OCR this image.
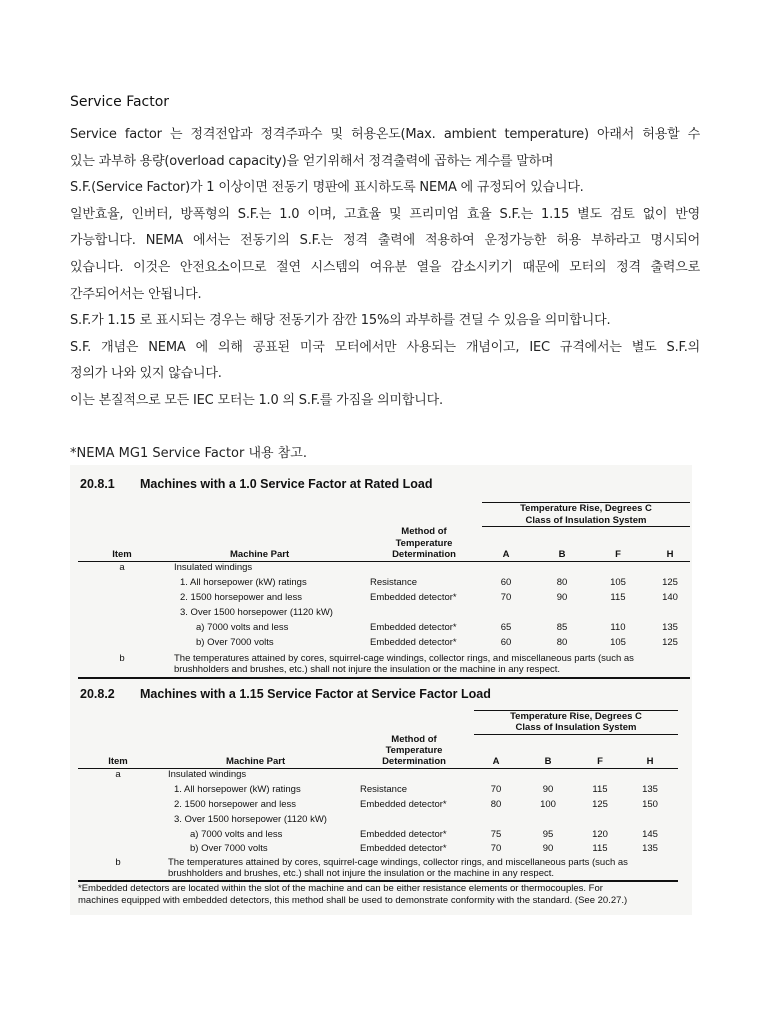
Service Factor

Service factor 는 정격전압과 정격주파수 및 허용온도(Max. ambient temperature) 아래서 허용할 수

있는 과부하 용량(overload capacity)을 얻기위해서 정격출력에 곱하는 계수를 말하며

S.F.(Service Factor)가 1 이상이면 전동기 명판에 표시하도록 NEMA 에 규정되어 있습니다.

일반효율, 인버터, 방폭형의 S.F.는 1.0 이며, 고효율 및 프리미엄 효율 S.F.는 1.15 별도 검토 없이 반영

가능합니다. NEMA 에서는 전동기의 S.F.는 정격 출력에 적용하여 운정가능한 허용 부하라고 명시되어

있습니다. 이것은 안전요소이므로 절연 시스템의 여유분 열을 감소시키기 때문에 모터의 정격 출력으로

간주되어서는 안됩니다.

S.F.가 1.15 로 표시되는 경우는 해당 전동기가 잠깐 15%의 과부하를 견딜 수 있음을 의미합니다.

S.F. 개념은 NEMA 에 의해 공표된 미국 모터에서만 사용되는 개념이고, IEC 규격에서는 별도 S.F.의

정의가 나와 있지 않습니다.

이는 본질적으로 모든 IEC 모터는 1.0 의 S.F.를 가짐을 의미합니다.

*NEMA MG1 Service Factor 내용 참고.
20.8.1 Machines with a 1.0 Service Factor at Rated Load
Temperature Rise, Degrees C
Class of Insulation System
Method of
Temperature
Determination
Item	Machine Part	A	B	F	H
a	Insulated windings
1. All horsepower (kW) ratings	Resistance	60	80	105	125
2. 1500 horsepower and less	Embedded detector*	70	90	115	140
3. Over 1500 horsepower (1120 kW)
a) 7000 volts and less	Embedded detector*	65	85	110	135
b) Over 7000 volts	Embedded detector*	60	80	105	125
b	The temperatures attained by cores, squirrel-cage windings, collector rings, and miscellaneous parts (such as
brushholders and brushes, etc.) shall not injure the insulation or the machine in any respect.
20.8.2 Machines with a 1.15 Service Factor at Service Factor Load
Temperature Rise, Degrees C
Class of Insulation System
Method of
Temperature
Determination
Item	Machine Part	A	B	F	H
a	Insulated windings
1. All horsepower (kW) ratings	Resistance	70	90	115	135
2. 1500 horsepower and less	Embedded detector*	80	100	125	150
3. Over 1500 horsepower (1120 kW)
a) 7000 volts and less	Embedded detector*	75	95	120	145
b) Over 7000 volts	Embedded detector*	70	90	115	135
b	The temperatures attained by cores, squirrel-cage windings, collector rings, and miscellaneous parts (such as
brushholders and brushes, etc.) shall not injure the insulation or the machine in any respect.
*Embedded detectors are located within the slot of the machine and can be either resistance elements or thermocouples. For
machines equipped with embedded detectors, this method shall be used to demonstrate conformity with the standard. (See 20.27.)
